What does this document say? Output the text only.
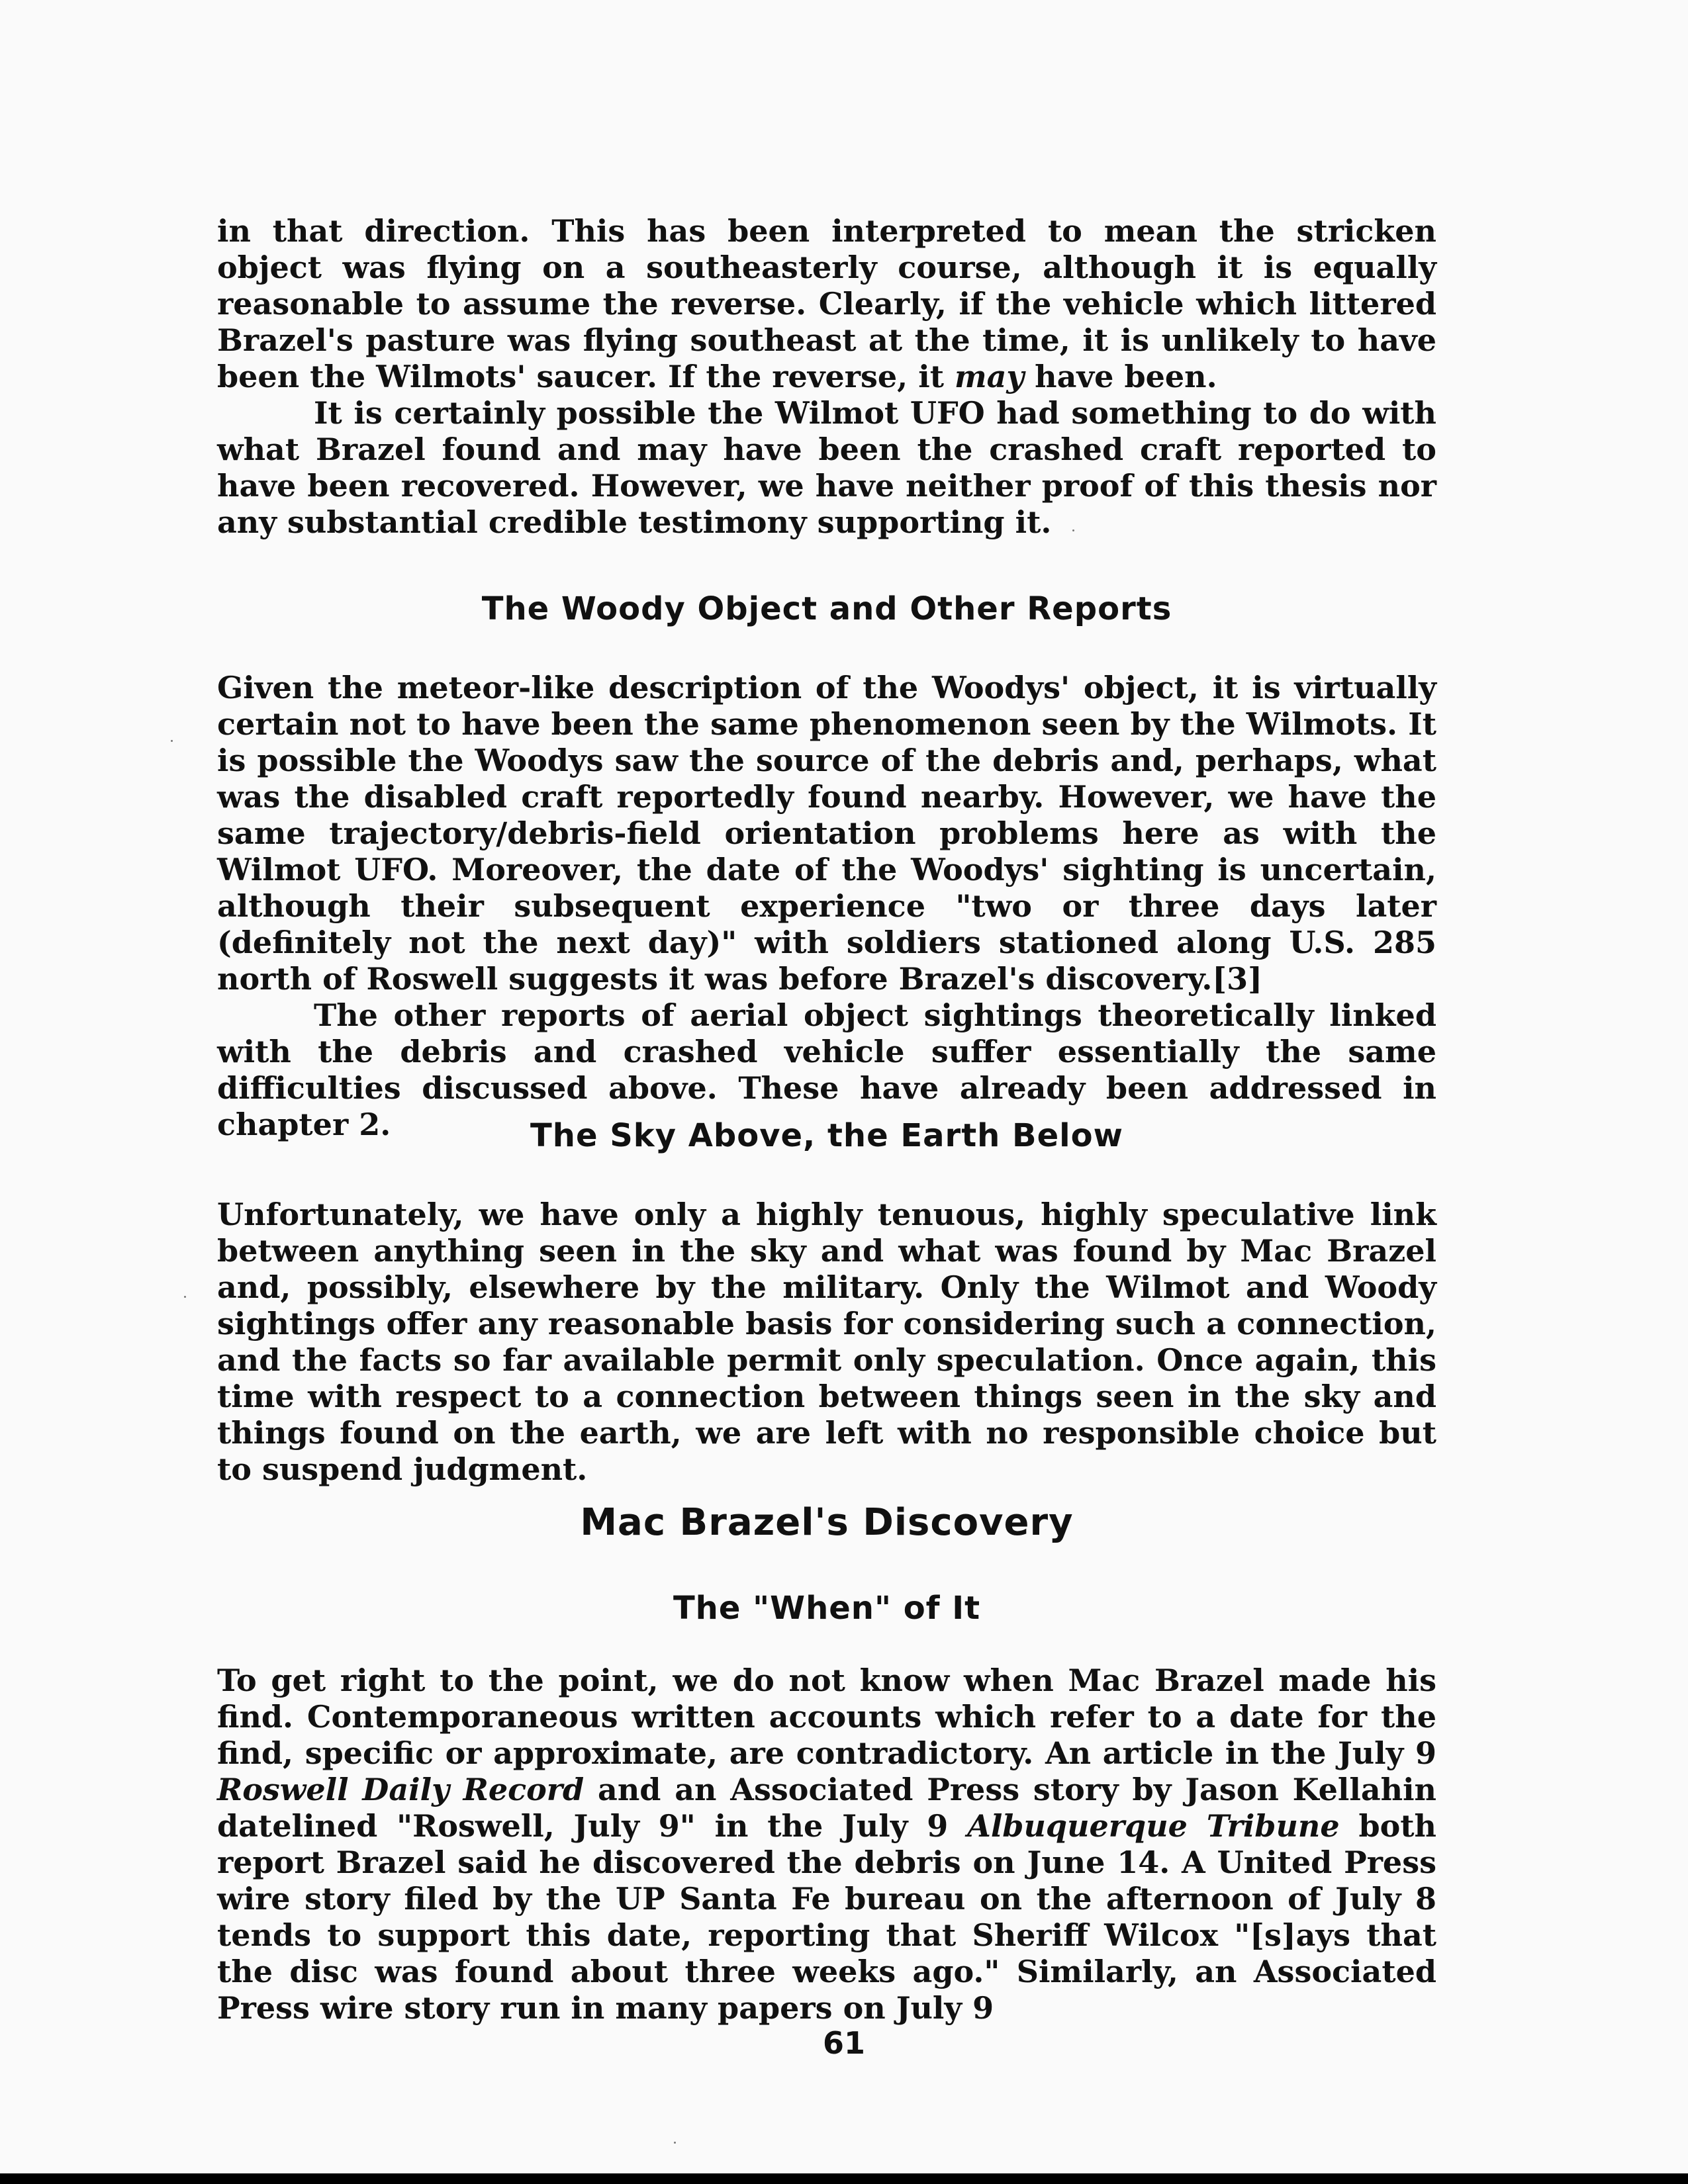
in that direction. This has been interpreted to mean the stricken object was flying on a southeasterly course, although it is equally reasonable to assume the reverse. Clearly, if the vehicle which littered Brazel's pasture was flying southeast at the time, it is unlikely to have been the Wilmots' saucer. If the reverse, it may have been.

It is certainly possible the Wilmot UFO had something to do with what Brazel found and may have been the crashed craft reported to have been recovered. However, we have neither proof of this thesis nor any substantial credible testimony supporting it.

The Woody Object and Other Reports

Given the meteor-like description of the Woodys' object, it is virtually certain not to have been the same phenomenon seen by the Wilmots. It is possible the Woodys saw the source of the debris and, perhaps, what was the disabled craft reportedly found nearby. However, we have the same trajectory/debris-field orientation problems here as with the Wilmot UFO. Moreover, the date of the Woodys' sighting is uncertain, although their subsequent experience "two or three days later (definitely not the next day)" with soldiers stationed along U.S. 285 north of Roswell suggests it was before Brazel's discovery.[3]

The other reports of aerial object sightings theoretically linked with the debris and crashed vehicle suffer essentially the same difficulties discussed above. These have already been addressed in chapter 2.	The Sky Above, the Earth Below

Unfortunately, we have only a highly tenuous, highly speculative link between anything seen in the sky and what was found by Mac Brazel and, possibly, elsewhere by the military. Only the Wilmot and Woody sightings offer any reasonable basis for considering such a connection, and the facts so far available permit only speculation. Once again, this time with respect to a connection between things seen in the sky and things found on the earth, we are left with no responsible choice but to suspend judgment.

Mac Brazel's Discovery
The "When" of It

To get right to the point, we do not know when Mac Brazel made his find. Contemporaneous written accounts which refer to a date for the find, specific or approximate, are contradictory. An article in the July 9 Roswell Daily Record and an Associated Press story by Jason Kellahin datelined "Roswell, July 9" in the July 9 Albuquerque Tribune both report Brazel said he discovered the debris on June 14. A United Press wire story filed by the UP Santa Fe bureau on the afternoon of July 8 tends to support this date, reporting that Sheriff Wilcox "[s]ays that the disc was found about three weeks ago." Similarly, an Associated Press wire story run in many papers on July 9

61
